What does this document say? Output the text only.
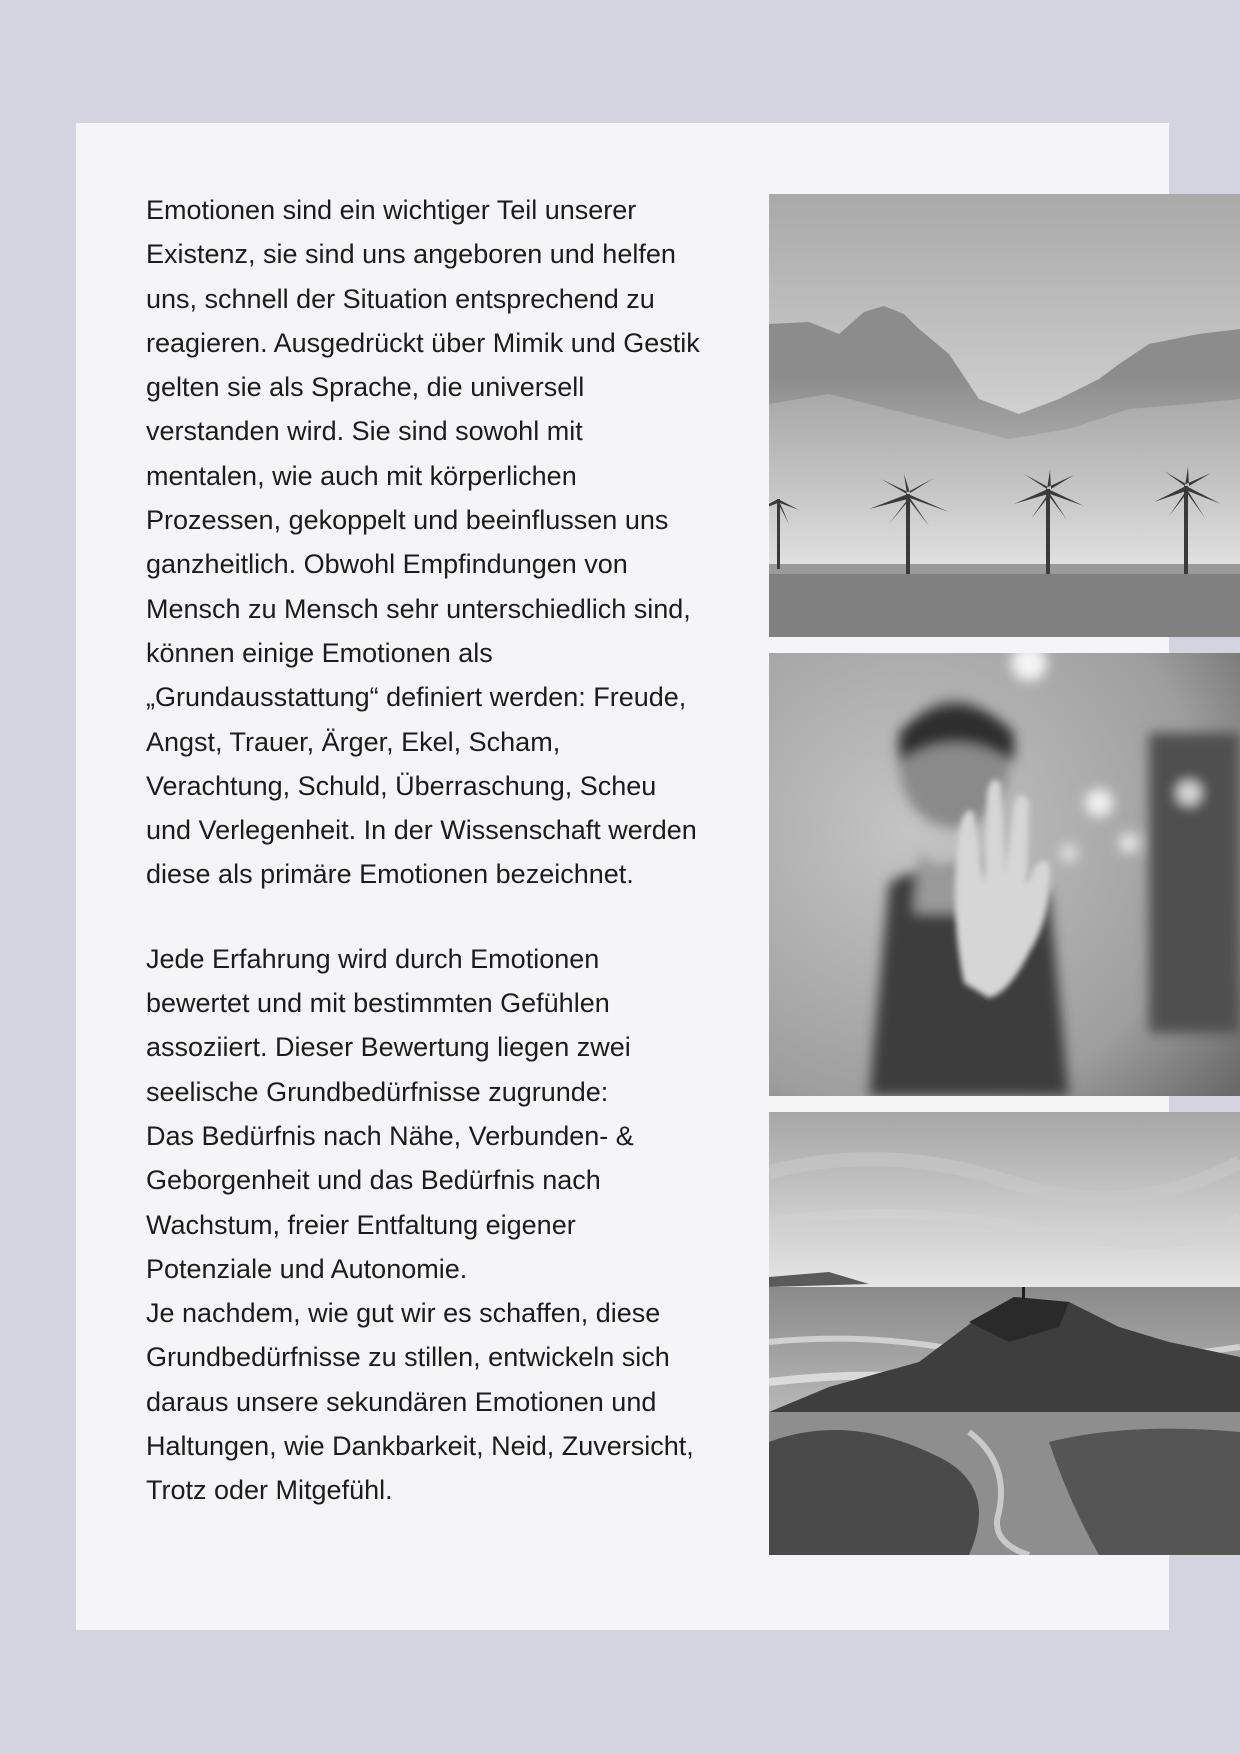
Emotionen sind ein wichtiger Teil unserer Existenz, sie sind uns angeboren und helfen uns, schnell der Situation entsprechend zu reagieren. Ausgedrückt über Mimik und Gestik gelten sie als Sprache, die universell verstanden wird. Sie sind sowohl mit mentalen, wie auch mit körperlichen Prozessen, gekoppelt und beeinflussen uns ganzheitlich. Obwohl Empfindungen von Mensch zu Mensch sehr unterschiedlich sind, können einige Emotionen als „Grundausstattung“ definiert werden: Freude, Angst, Trauer, Ärger, Ekel, Scham, Verachtung, Schuld, Überraschung, Scheu und Verlegenheit. In der Wissenschaft werden diese als primäre Emotionen bezeichnet.

Jede Erfahrung wird durch Emotionen bewertet und mit bestimmten Gefühlen assoziiert. Dieser Bewertung liegen zwei seelische Grundbedürfnisse zugrunde:
Das Bedürfnis nach Nähe, Verbunden- & Geborgenheit und das Bedürfnis nach Wachstum, freier Entfaltung eigener Potenziale und Autonomie.
Je nachdem, wie gut wir es schaffen, diese Grundbedürfnisse zu stillen, entwickeln sich daraus unsere sekundären Emotionen und Haltungen, wie Dankbarkeit, Neid, Zuversicht, Trotz oder Mitgefühl.
